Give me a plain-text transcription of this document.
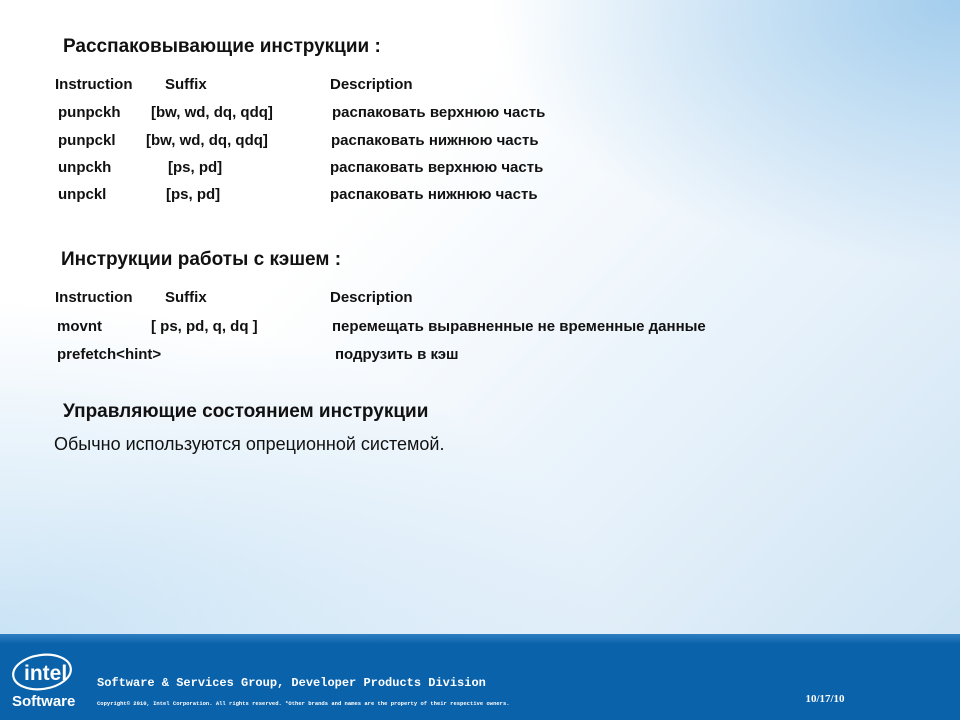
Расспаковывающие инструкции :
Instruction Suffix	Description
punpckh [bw, wd, dq, qdq]	распаковать верхнюю часть
punpckl [bw, wd, dq, qdq]	распаковать нижнюю часть
unpckh	[ps, pd]	распаковать верхнюю часть
unpckl	[ps, pd]	распаковать нижнюю часть
Инструкции работы с кэшем :
Instruction Suffix	Description
movnt	[ ps, pd, q, dq ]	перемещать выравненные не временные данные
prefetch<hint>	подрузить в кэш
Управляющие состоянием инструкции
Обычно используются опреционной системой.
intel
Software
Software & Services Group, Developer Products Division
Copyright© 2010, Intel Corporation. All rights reserved. *Other brands and names are the property of their respective owners.	10/17/10
